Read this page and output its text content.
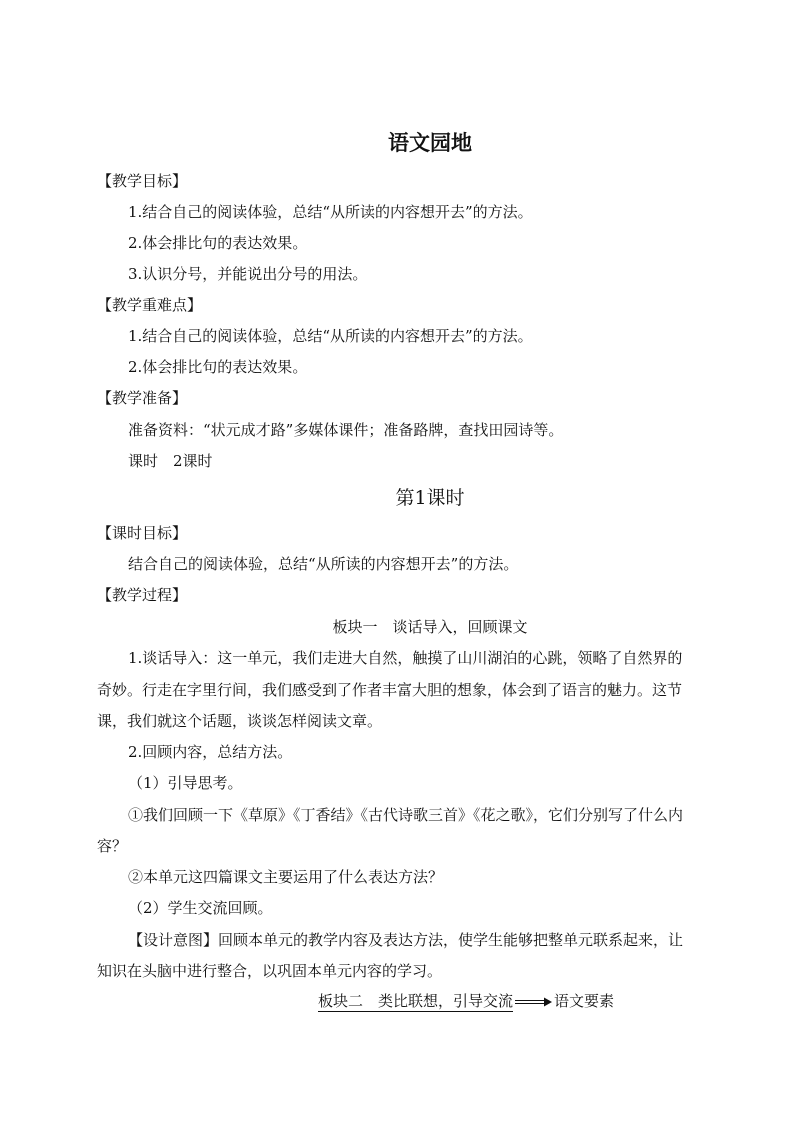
语文园地
【教学目标】
1.结合自己的阅读体验，总结“从所读的内容想开去”的方法。
2.体会排比句的表达效果。
3.认识分号，并能说出分号的用法。
【教学重难点】
1.结合自己的阅读体验，总结“从所读的内容想开去”的方法。
2.体会排比句的表达效果。
【教学准备】
准备资料：“状元成才路”多媒体课件；准备路牌，查找田园诗等。
课时　2课时
第1课时
【课时目标】
结合自己的阅读体验，总结“从所读的内容想开去”的方法。
【教学过程】
板块一　谈话导入，回顾课文
1.谈话导入：这一单元，我们走进大自然，触摸了山川湖泊的心跳，领略了自然界的
奇妙。行走在字里行间，我们感受到了作者丰富大胆的想象，体会到了语言的魅力。这节
课，我们就这个话题，谈谈怎样阅读文章。
2.回顾内容，总结方法。
（1）引导思考。
①我们回顾一下《草原》《丁香结》《古代诗歌三首》《花之歌》，它们分别写了什么内
容？
②本单元这四篇课文主要运用了什么表达方法？
（2）学生交流回顾。
【设计意图】回顾本单元的教学内容及表达方法，使学生能够把整单元联系起来，让
知识在头脑中进行整合，以巩固本单元内容的学习。
板块二　类比联想，引导交流	语文要素
